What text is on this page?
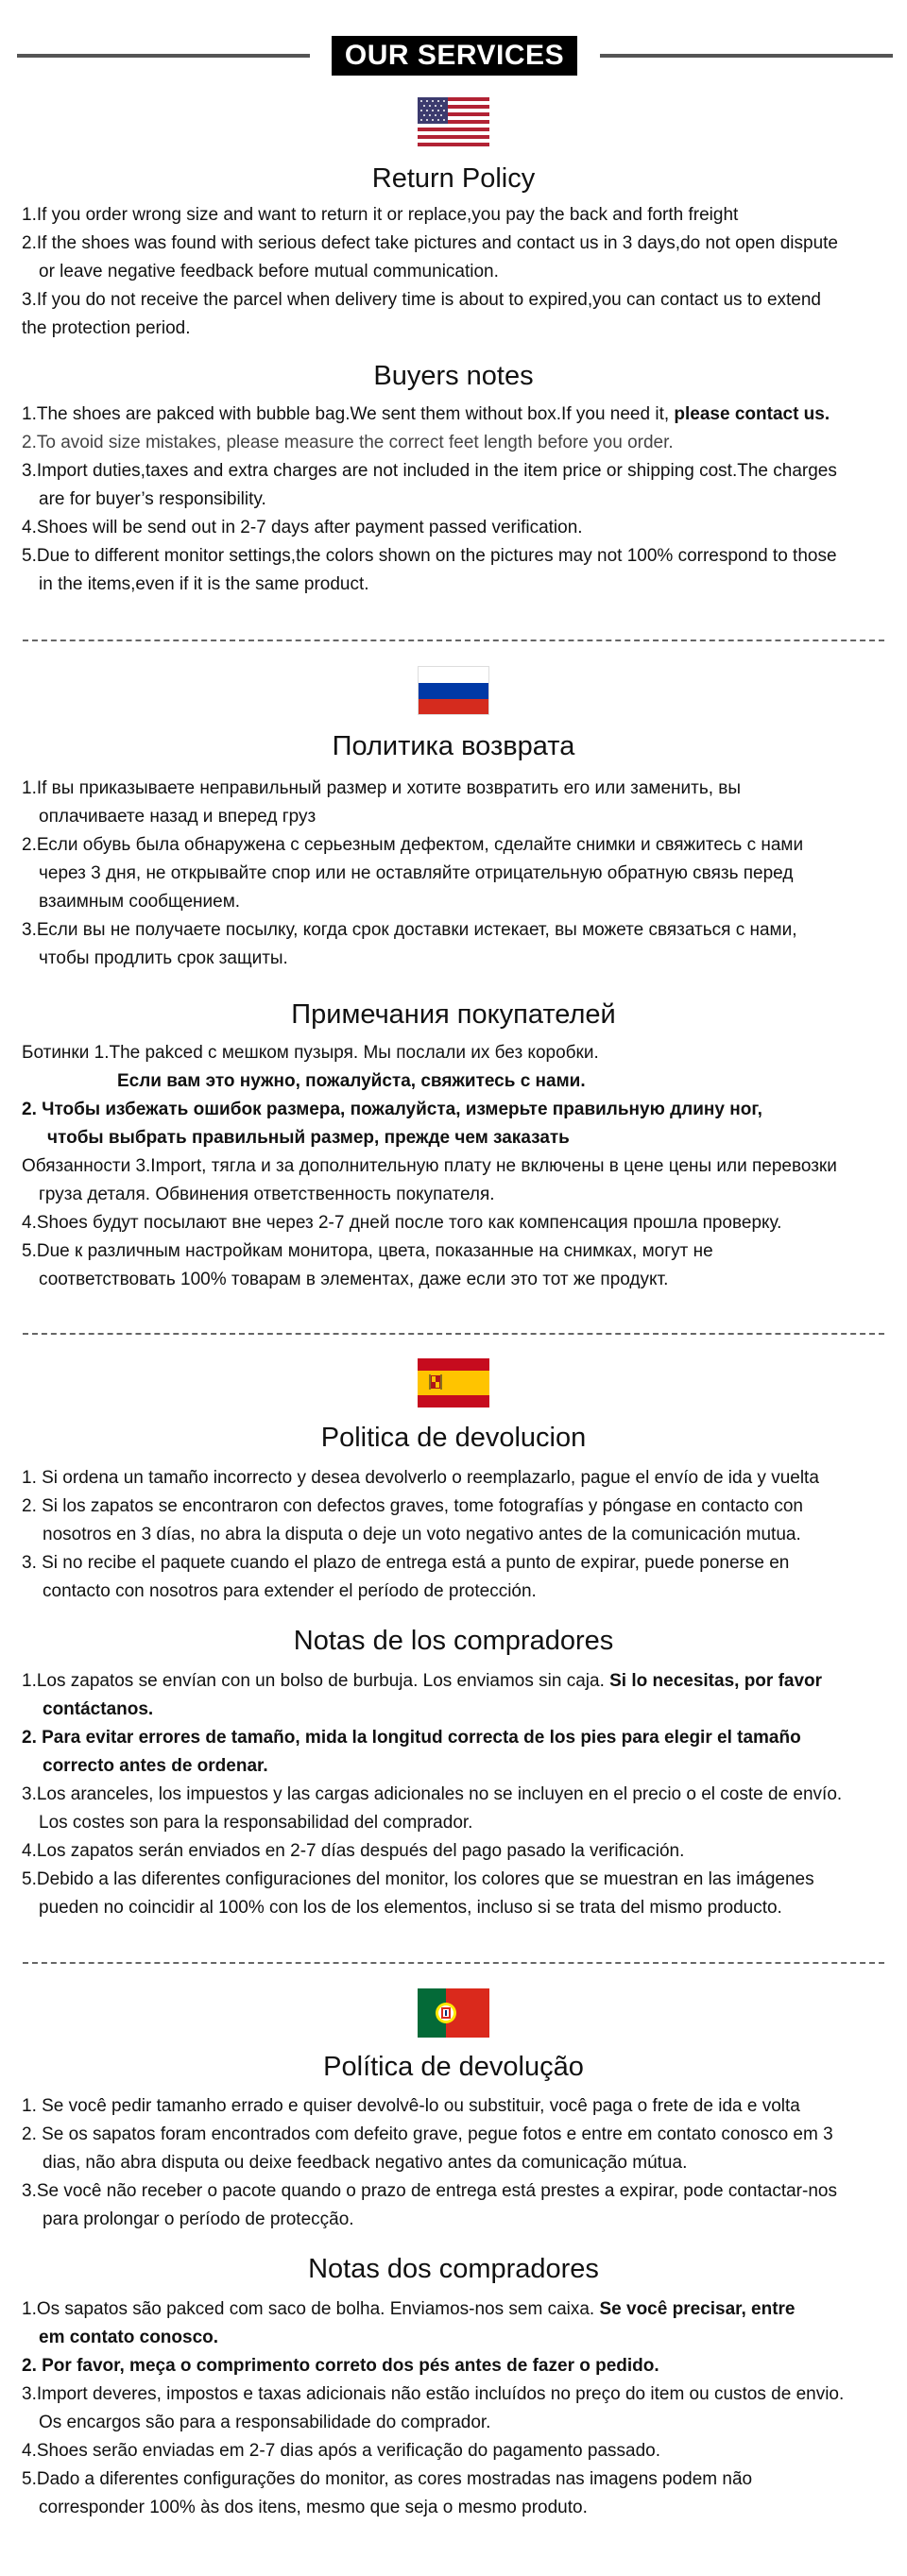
OUR SERVICES
Return Policy
1.If you order wrong size and want to return it or replace,you pay the back and forth freight
2.If the shoes was found with serious defect take pictures and contact us in 3 days,do not open dispute
or leave negative feedback before mutual communication.
3.If you do not receive the parcel when delivery time is about to expired,you can contact us to extend
the protection period.
Buyers notes
1.The shoes are pakced with bubble bag.We sent them without box.If you need it, please contact us.
2.To avoid size mistakes, please measure the correct feet length before you order.
3.Import duties,taxes and extra charges are not included in the item price or shipping cost.The charges
are for buyer’s responsibility.
4.Shoes will be send out in 2-7 days after payment passed verification.
5.Due to different monitor settings,the colors shown on the pictures may not 100% correspond to those
in the items,even if it is the same product.
Политика возврата
1.If вы приказываете неправильный размер и хотите возвратить его или заменить, вы
оплачиваете назад и вперед груз
2.Если обувь была обнаружена с серьезным дефектом, сделайте снимки и свяжитесь с нами
через 3 дня, не открывайте спор или не оставляйте отрицательную обратную связь перед
взаимным сообщением.
3.Если вы не получаете посылку, когда срок доставки истекает, вы можете связаться с нами,
чтобы продлить срок защиты.
Примечания покупателей
Ботинки 1.The pakced с мешком пузыря. Мы послали их без коробки.
Если вам это нужно, пожалуйста, свяжитесь с нами.
2. Чтобы избежать ошибок размера, пожалуйста, измерьте правильную длину ног,
чтобы выбрать правильный размер, прежде чем заказать
Обязанности 3.Import, тягла и за дополнительную плату не включены в цене цены или перевозки
груза деталя. Обвинения ответственность покупателя.
4.Shoes будут посылают вне через 2-7 дней после того как компенсация прошла проверку.
5.Due к различным настройкам монитора, цвета, показанные на снимках, могут не
соответствовать 100% товарам в элементах, даже если это тот же продукт.
Politica de devolucion
1. Si ordena un tamaño incorrecto y desea devolverlo o reemplazarlo, pague el envío de ida y vuelta
2. Si los zapatos se encontraron con defectos graves, tome fotografías y póngase en contacto con
nosotros en 3 días, no abra la disputa o deje un voto negativo antes de la comunicación mutua.
3. Si no recibe el paquete cuando el plazo de entrega está a punto de expirar, puede ponerse en
contacto con nosotros para extender el período de protección.
Notas de los compradores
1.Los zapatos se envían con un bolso de burbuja. Los enviamos sin caja. Si lo necesitas, por favor
contáctanos.
2. Para evitar errores de tamaño, mida la longitud correcta de los pies para elegir el tamaño
correcto antes de ordenar.
3.Los aranceles, los impuestos y las cargas adicionales no se incluyen en el precio o el coste de envío.
Los costes son para la responsabilidad del comprador.
4.Los zapatos serán enviados en 2-7 días después del pago pasado la verificación.
5.Debido a las diferentes configuraciones del monitor, los colores que se muestran en las imágenes
pueden no coincidir al 100% con los de los elementos, incluso si se trata del mismo producto.
Política de devolução
1. Se você pedir tamanho errado e quiser devolvê-lo ou substituir, você paga o frete de ida e volta
2. Se os sapatos foram encontrados com defeito grave, pegue fotos e entre em contato conosco em 3
dias, não abra disputa ou deixe feedback negativo antes da comunicação mútua.
3.Se você não receber o pacote quando o prazo de entrega está prestes a expirar, pode contactar-nos
para prolongar o período de protecção.
Notas dos compradores
1.Os sapatos são pakced com saco de bolha. Enviamos-nos sem caixa. Se você precisar, entre
em contato conosco.
2. Por favor, meça o comprimento correto dos pés antes de fazer o pedido.
3.Import deveres, impostos e taxas adicionais não estão incluídos no preço do item ou custos de envio.
Os encargos são para a responsabilidade do comprador.
4.Shoes serão enviadas em 2-7 dias após a verificação do pagamento passado.
5.Dado a diferentes configurações do monitor, as cores mostradas nas imagens podem não
corresponder 100% às dos itens, mesmo que seja o mesmo produto.
